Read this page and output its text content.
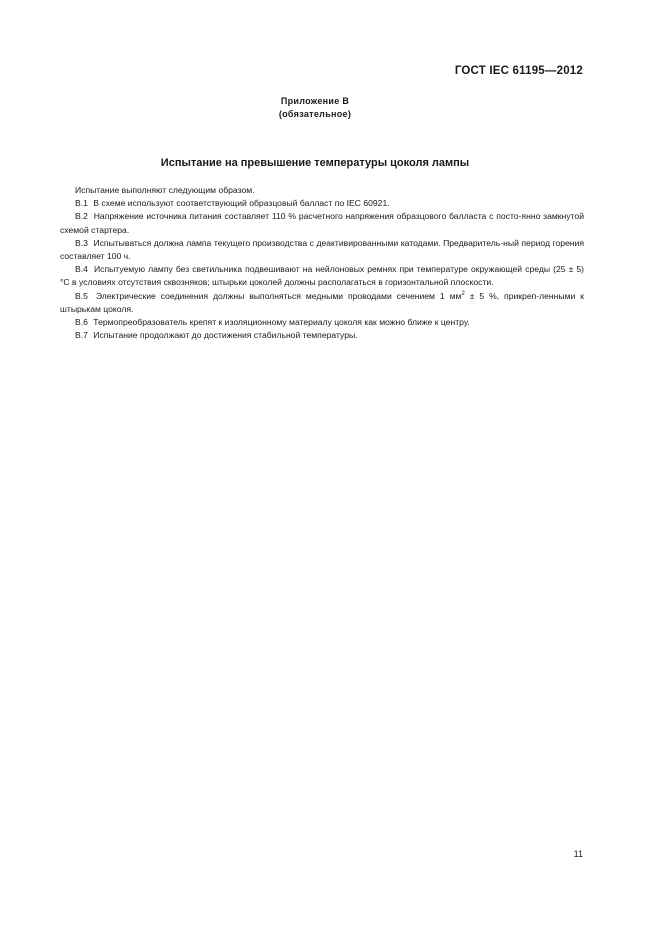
ГОСТ IEC 61195—2012
Приложение В
(обязательное)
Испытание на превышение температуры цоколя лампы

Испытание выполняют следующим образом.

В.1 В схеме используют соответствующий образцовый балласт по IEC 60921.

В.2 Напряжение источника питания составляет 110 % расчетного напряжения образцового балласта с посто-янно замкнутой схемой стартера.

В.3 Испытываться должна лампа текущего производства с деактивированными катодами. Предваритель-ный период горения составляет 100 ч.

В.4 Испытуемую лампу без светильника подвешивают на нейлоновых ремнях при температуре окружающей среды (25 ± 5) °С в условиях отсутствия сквозняков; штырьки цоколей должны располагаться в горизонтальной плоскости.

В.5 Электрические соединения должны выполняться медными проводами сечением 1 $мм^2 \pm 5$ %, прикреп-ленными к штырькам цоколя.

В.6 Термопреобразователь крепят к изоляционному материалу цоколя как можно ближе к центру.

В.7 Испытание продолжают до достижения стабильной температуры.

11
